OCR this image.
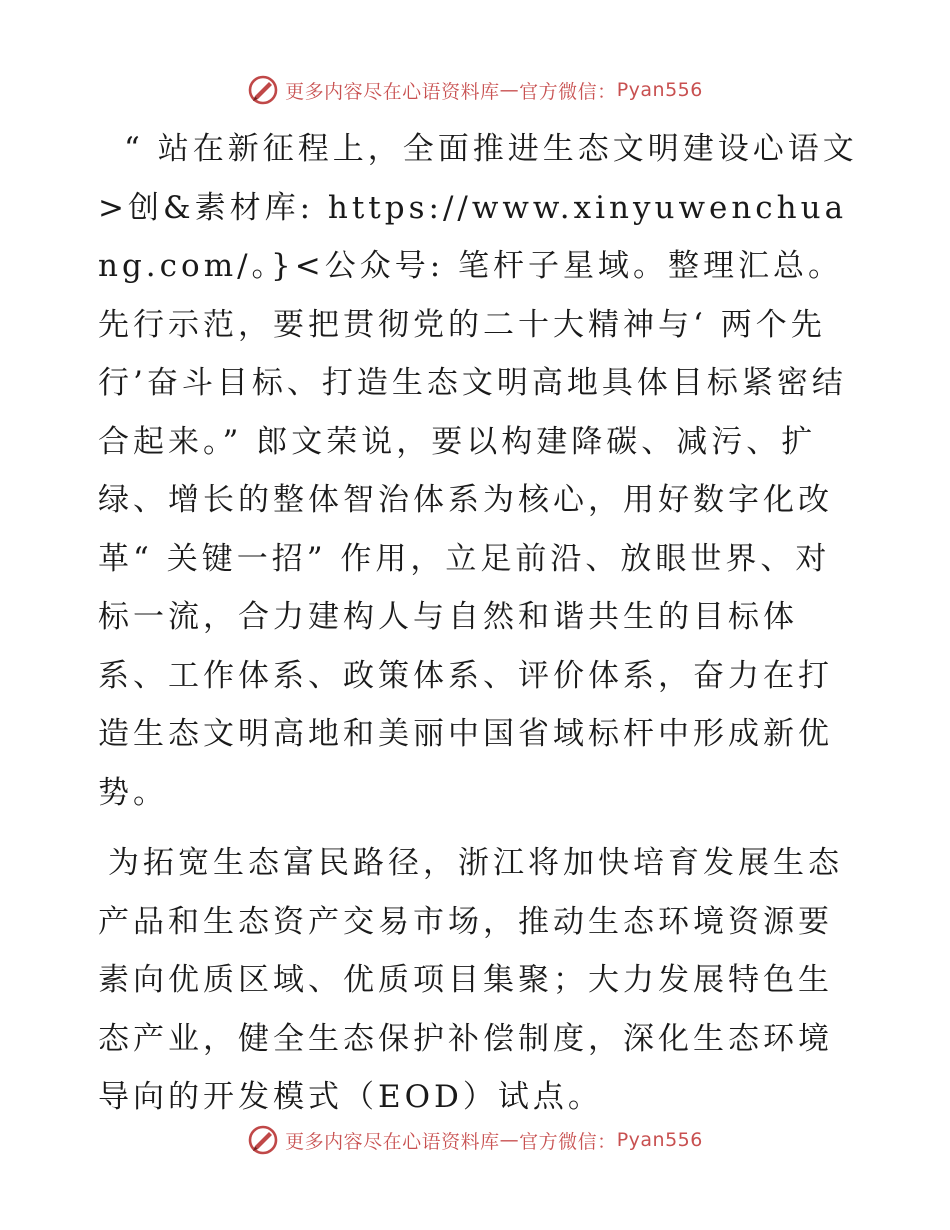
更多内容尽在心语资料库 — 官方微信： Pyan556

“ 站在新征程上，全面推进生态文明建设心语文>创&素材库: https://www.xinyuwenchuang.com/。}<公众号: 笔杆子星域。整理汇总。先行示范，要把贯彻党的二十大精神与‘ 两个先行’奋斗目标、打造生态文明高地具体目标紧密结合起来。” 郎文荣说，要以构建降碳、减污、扩绿、增长的整体智治体系为核心，用好数字化改革“ 关键一招” 作用，立足前沿、放眼世界、对标一流，合力建构人与自然和谐共生的目标体系、工作体系、政策体系、评价体系，奋力在打造生态文明高地和美丽中国省域标杆中形成新优势。

为拓宽生态富民路径，浙江将加快培育发展生态产品和生态资产交易市场，推动生态环境资源要素向优质区域、优质项目集聚；大力发展特色生态产业，健全生态保护补偿制度，深化生态环境导向的开发模式（EOD）试点。

更多内容尽在心语资料库 — 官方微信： Pyan556
